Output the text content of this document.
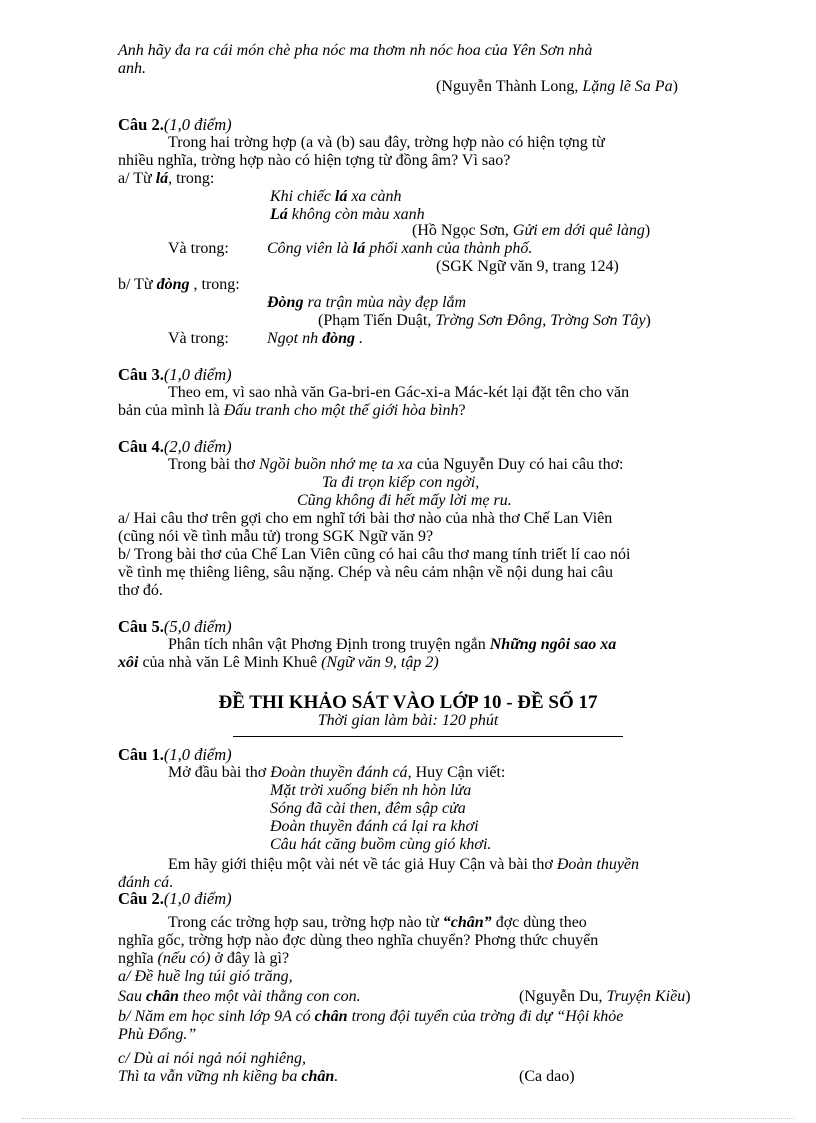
Anh hãy đa ra cái món chè pha nóc ma thơm nh nóc hoa của Yên Sơn nhà
anh.
(Nguyễn Thành Long, Lặng lẽ Sa Pa)
Câu 2.(1,0 điểm)
Trong hai trờng hợp (a và (b) sau đây, trờng hợp nào có hiện tợng từ
nhiều nghĩa, trờng hợp nào có hiện tợng từ đồng âm? Vì sao?
a/ Từ lá, trong:
Khi chiếc lá xa cành
Lá không còn màu xanh
(Hồ Ngọc Sơn, Gửi em dới quê làng)
Và trong: Công viên là lá phổi xanh của thành phố.
(SGK Ngữ văn 9, trang 124)
b/ Từ đòng , trong:
Đòng ra trận mùa này đẹp lắm
(Phạm Tiến Duật, Trờng Sơn Đông, Trờng Sơn Tây)
Và trong: Ngọt nh đòng .
Câu 3.(1,0 điểm)
Theo em, vì sao nhà văn Ga-bri-en Gác-xi-a Mác-két lại đặt tên cho văn
bản của mình là Đấu tranh cho một thế giới hòa bình?
Câu 4.(2,0 điểm)
Trong bài thơ Ngồi buồn nhớ mẹ ta xa của Nguyễn Duy có hai câu thơ:
Ta đi trọn kiếp con ngời,
Cũng không đi hết mấy lời mẹ ru.
a/ Hai câu thơ trên gợi cho em nghĩ tới bài thơ nào của nhà thơ Chế Lan Viên
(cũng nói về tình mẫu tử) trong SGK Ngữ văn 9?
b/ Trong bài thơ của Chế Lan Viên cũng có hai câu thơ mang tính triết lí cao nói
về tình mẹ thiêng liêng, sâu nặng. Chép và nêu cảm nhận về nội dung hai câu
thơ đó.
Câu 5.(5,0 điểm)
Phân tích nhân vật Phơng Định trong truyện ngắn Những ngôi sao xa
xôi của nhà văn Lê Minh Khuê (Ngữ văn 9, tập 2)
ĐỀ THI KHẢO SÁT VÀO LỚP 10 - ĐỀ SỐ 17
Thời gian làm bài: 120 phút
Câu 1.(1,0 điểm)
Mở đầu bài thơ Đoàn thuyền đánh cá, Huy Cận viết:
Mặt trời xuống biển nh hòn lửa
Sóng đã cài then, đêm sập cửa
Đoàn thuyền đánh cá lại ra khơi
Câu hát căng buồm cùng gió khơi.
Em hãy giới thiệu một vài nét về tác giả Huy Cận và bài thơ Đoàn thuyền
đánh cá.
Câu 2.(1,0 điểm)
Trong các trờng hợp sau, trờng hợp nào từ “chân” đợc dùng theo
nghĩa gốc, trờng hợp nào đợc dùng theo nghĩa chuyển? Phơng thức chuyển
nghĩa (nếu có) ở đây là gì?
a/ Đề huề lng túi gió trăng,
Sau chân theo một vài thằng con con.	(Nguyễn Du, Truyện Kiều)
b/ Năm em học sinh lớp 9A có chân trong đội tuyển của trờng đi dự “Hội khỏe
Phù Đổng.”
c/ Dù ai nói ngả nói nghiêng,
Thì ta vẫn vững nh kiềng ba chân.	(Ca dao)
